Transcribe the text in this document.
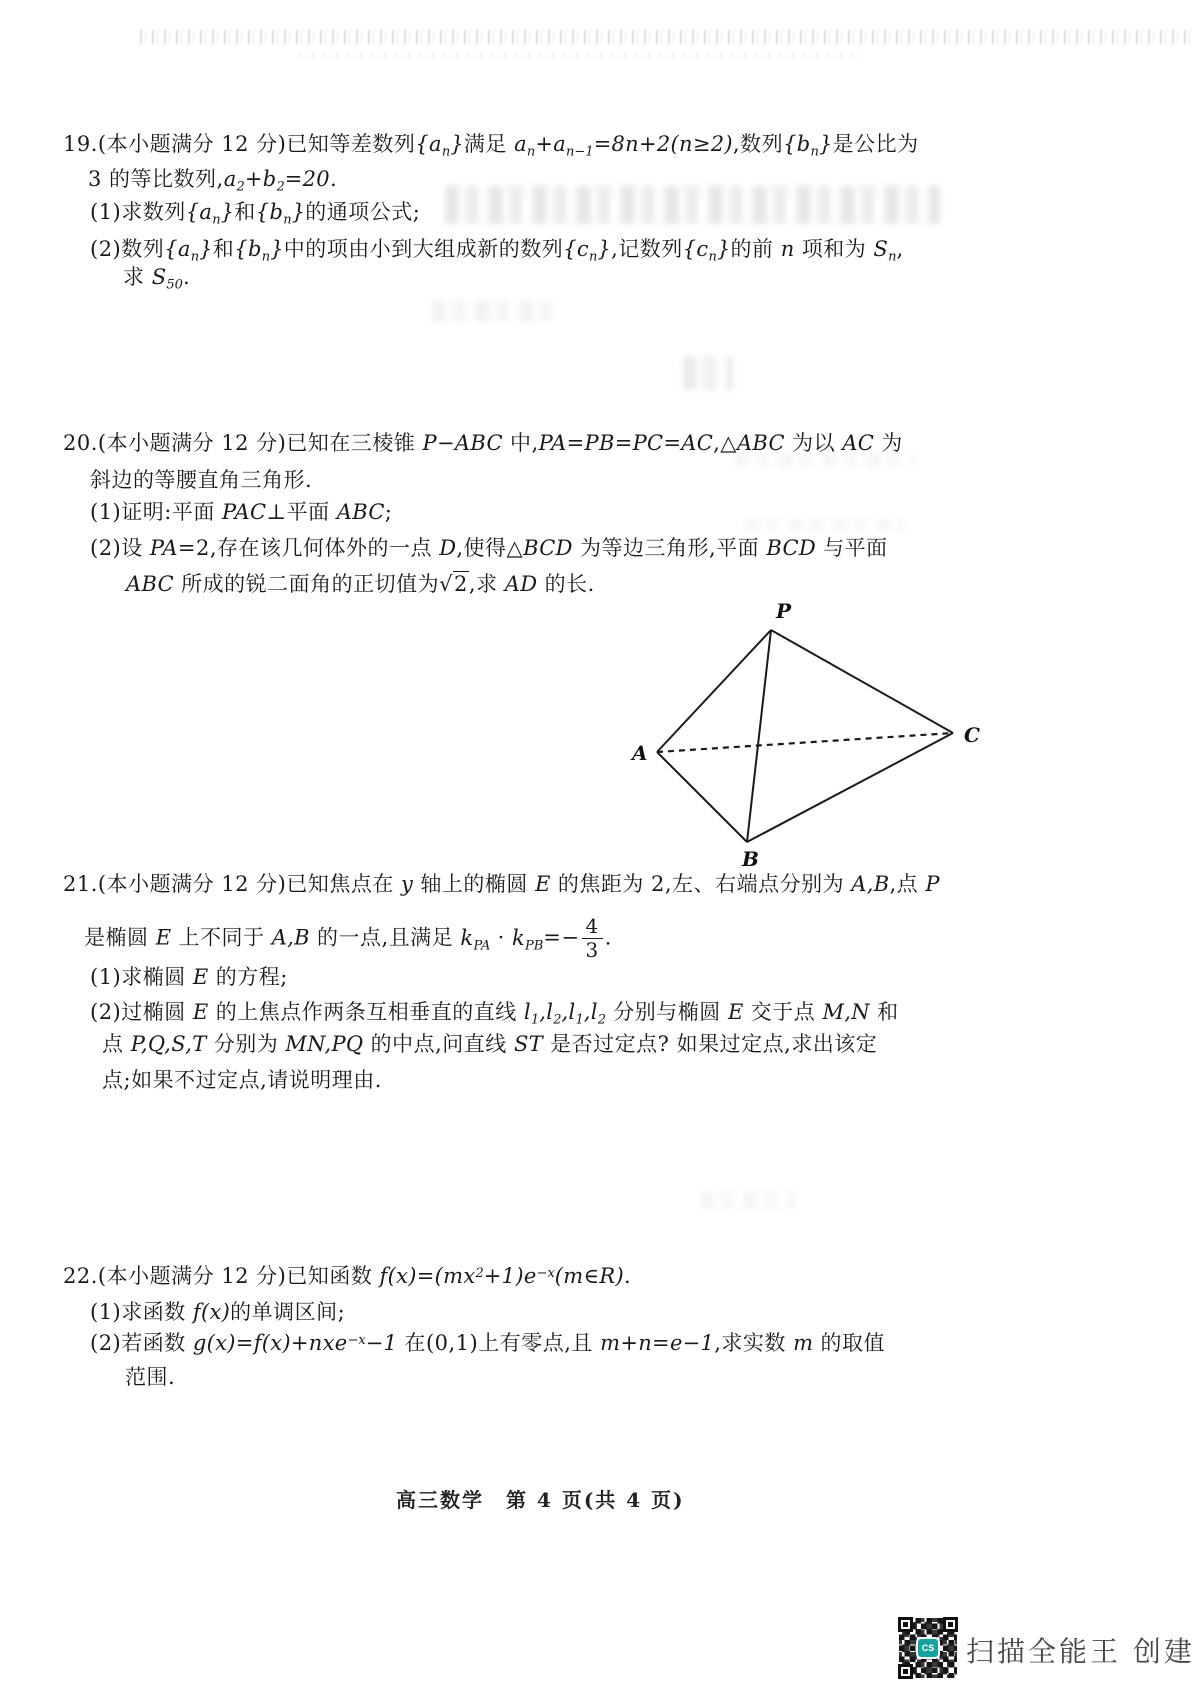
19.(本小题满分 12 分)已知等差数列$\{a_n\}$满足 $a_n+a_{n-1}=8n+2(n\ge 2)$,数列$\{b_n\}$是公比为
3 的等比数列$,a_2+b_2=20$.
(1)求数列$\{a_n\}$和$\{b_n\}$的通项公式;
(2)数列$\{a_n\}$和$\{b_n\}$中的项由小到大组成新的数列$\{c_n\}$,记数列$\{c_n\}$的前 n 项和为 $S_n$,
求 $S_{50}$.
20.(本小题满分 12 分)已知在三棱锥 P−ABC 中,PA=PB=PC=AC,△ABC 为以 AC 为
斜边的等腰直角三角形.
(1)证明:平面 PAC⊥平面 ABC;
(2)设 PA=2,存在该几何体外的一点 D,使得△BCD 为等边三角形,平面 BCD 与平面
ABC 所成的锐二面角的正切值为√2,求 AD 的长.
21.(本小题满分 12 分)已知焦点在 y 轴上的椭圆 E 的焦距为 2,左、右端点分别为 A,B,点 P
是椭圆 E 上不同于 A,B 的一点,且满足 $k_{PA} \cdot k_{PB}=- \frac{4}{3}$ .
(1)求椭圆 E 的方程;
(2)过椭圆 E 的上焦点作两条互相垂直的直线 $l_1,l_2,l_1,l_2$ 分别与椭圆 E 交于点 M,N 和
点 P,Q,S,T 分别为 MN,PQ 的中点,问直线 ST 是否过定点? 如果过定点,求出该定
点;如果不过定点,请说明理由.
22.(本小题满分 12 分)已知函数 $f(x)=(mx^2+1)e^{-x}(m\in R)$.
(1)求函数 f(x)的单调区间;
(2)若函数 g(x)=f(x)+nxe$^{-x}$−1 在(0,1)上有零点,且 m+n=e−1,求实数 m 的取值
范围.
P
A
B
C
高三数学　第 4 页(共 4 页)
CS 扫描全能王 创建
